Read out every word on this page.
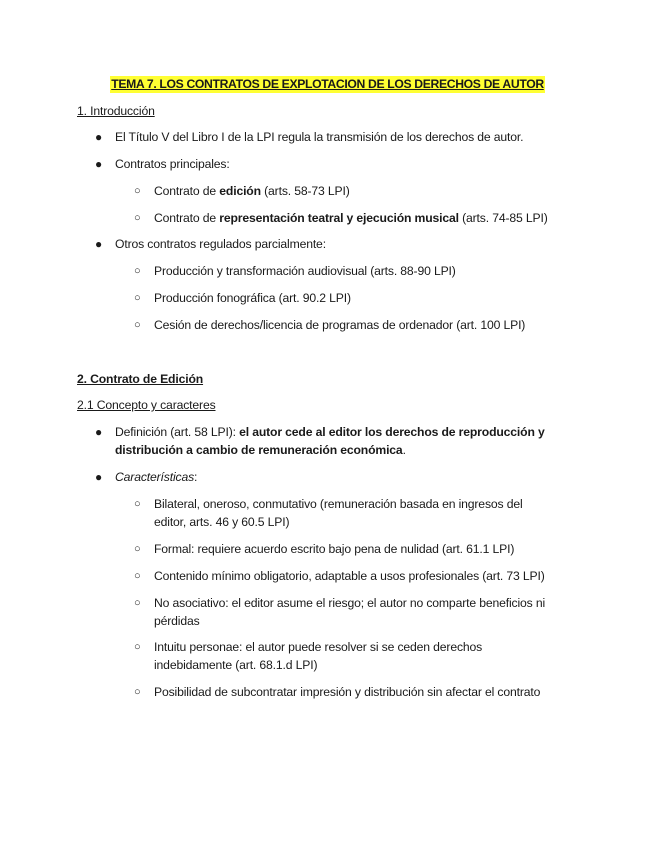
TEMA 7. LOS CONTRATOS DE EXPLOTACION DE LOS DERECHOS DE AUTOR
1. Introducción
● El Título V del Libro I de la LPI regula la transmisión de los derechos de autor.
● Contratos principales:
○ Contrato de edición (arts. 58-73 LPI)
○ Contrato de representación teatral y ejecución musical (arts. 74-85 LPI)
● Otros contratos regulados parcialmente:
○ Producción y transformación audiovisual (arts. 88-90 LPI)
○ Producción fonográfica (art. 90.2 LPI)
○ Cesión de derechos/licencia de programas de ordenador (art. 100 LPI)
2. Contrato de Edición
2.1 Concepto y caracteres
● Definición (art. 58 LPI): el autor cede al editor los derechos de reproducción y
distribución a cambio de remuneración económica.
● Características:
○ Bilateral, oneroso, conmutativo (remuneración basada en ingresos del
editor, arts. 46 y 60.5 LPI)
○ Formal: requiere acuerdo escrito bajo pena de nulidad (art. 61.1 LPI)
○ Contenido mínimo obligatorio, adaptable a usos profesionales (art. 73 LPI)
○ No asociativo: el editor asume el riesgo; el autor no comparte beneficios ni
pérdidas
○ Intuitu personae: el autor puede resolver si se ceden derechos
indebidamente (art. 68.1.d LPI)
○ Posibilidad de subcontratar impresión y distribución sin afectar el contrato
